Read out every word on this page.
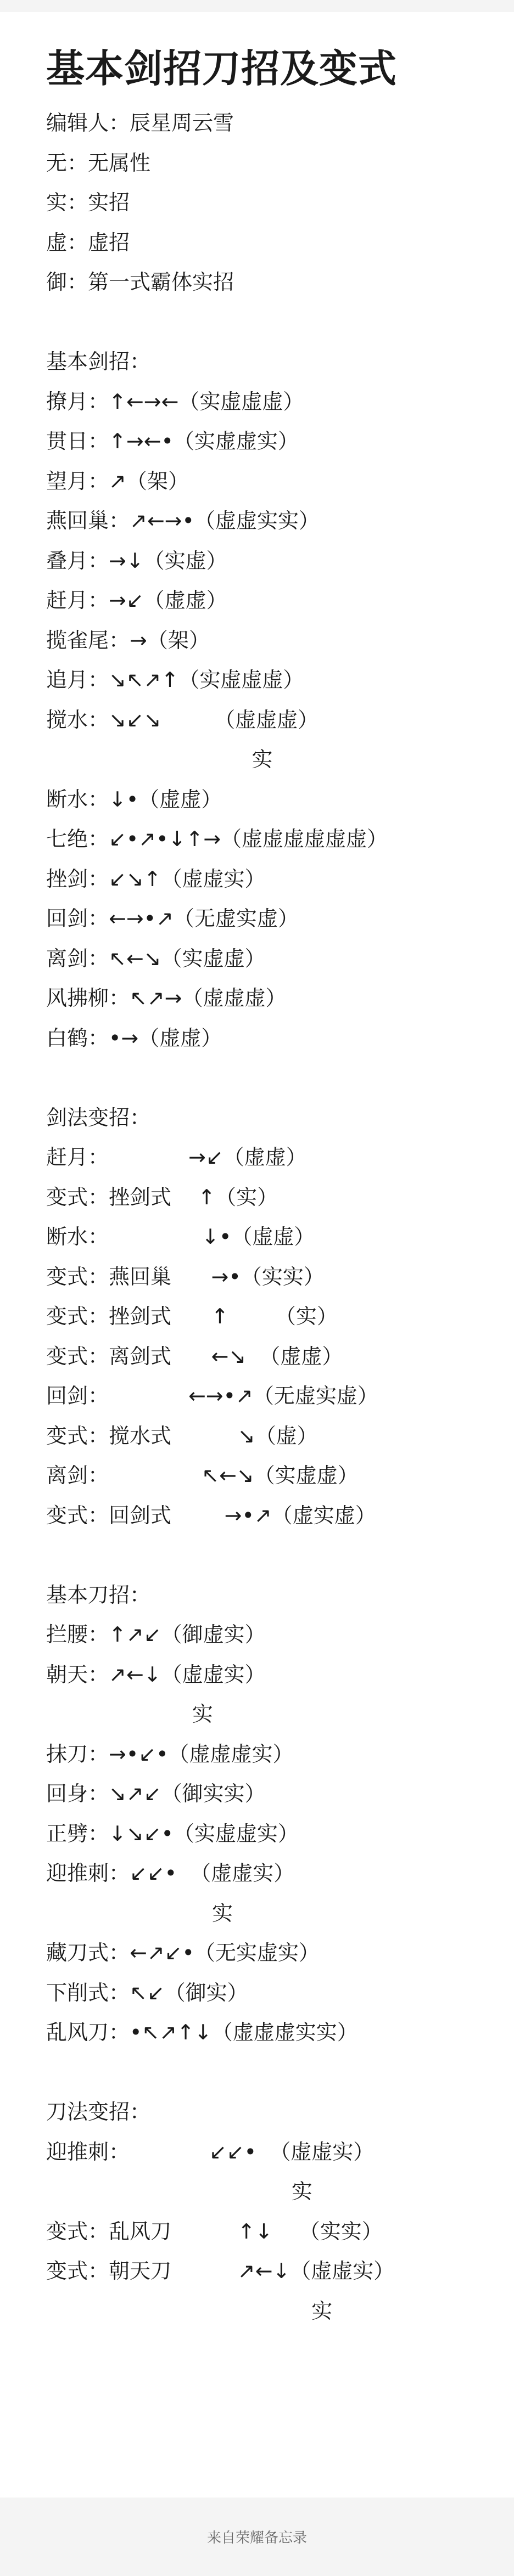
基本剑招刀招及变式
编辑人：辰星周云雪
无：无属性
实：实招
虚：虚招
御：第一式霸体实招
基本剑招：
撩月：↑←→←（实虚虚虚）
贯日：↑→←•（实虚虚实）
望月：↗（架）
燕回巢：↗←→•（虚虚实实）
叠月：→↓（实虚）
赶月：→↙（虚虚）
揽雀尾：→（架）
追月：↘↖↗↑（实虚虚虚）
搅水：↘↙↘        （虚虚虚）
实
断水：↓•（虚虚）
七绝：↙•↗•↓↑→（虚虚虚虚虚虚）
挫剑：↙↘↑（虚虚实）
回剑：←→•↗（无虚实虚）
离剑：↖←↘（实虚虚）
风拂柳：↖↗→（虚虚虚）
白鹤：•→（虚虚）
剑法变招：
赶月：            →↙（虚虚）
变式：挫剑式    ↑（实）
断水：              ↓•（虚虚）
变式：燕回巢      →•（实实）
变式：挫剑式      ↑       （实）
变式：离剑式      ←↘  （虚虚）
回剑：            ←→•↗（无虚实虚）
变式：搅水式          ↘（虚）
离剑：              ↖←↘（实虚虚）
变式：回剑式        →•↗（虚实虚）
基本刀招：
拦腰：↑↗↙（御虚实）
朝天：↗←↓（虚虚实）
实
抹刀：→•↙•（虚虚虚实）
回身：↘↗↙（御实实）
正劈：↓↘↙•（实虚虚实）
迎推刺：↙↙•  （虚虚实）
实
藏刀式：←↗↙•（无实虚实）
下削式：↖↙（御实）
乱风刀：•↖↗↑↓（虚虚虚实实）
刀法变招：
迎推刺：            ↙↙•  （虚虚实）
实
变式：乱风刀          ↑↓    （实实）
变式：朝天刀          ↗←↓（虚虚实）
实
来自荣耀备忘录
